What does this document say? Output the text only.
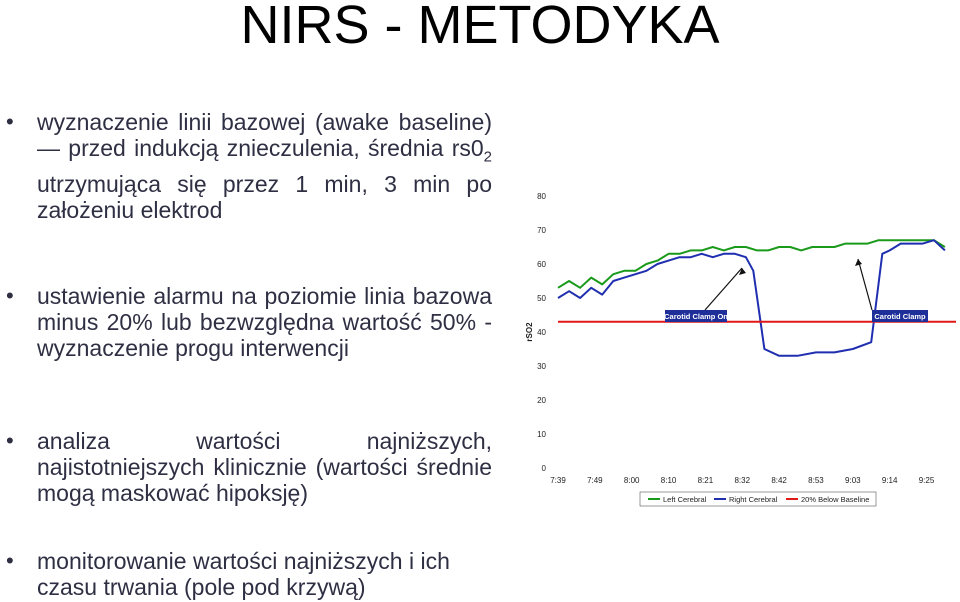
NIRS - METODYKA
• wyznaczenie linii bazowej (awake baseline) — przed indukcją znieczulenia, średnia $rs0_2$ utrzymująca się przez 1 min, 3 min po założeniu elektrod
• ustawienie alarmu na poziomie linia bazowa minus 20% lub bezwzględna wartość 50% - wyznaczenie progu interwencji
• analiza wartości najniższych, najistotniejszych klinicznie (wartości średnie mogą maskować hipoksję)
• monitorowanie wartości najniższych i ich czasu trwania (pole pod krzywą)
0
10
20
30
40
50
60
70
80
rSO2
7:39	7:49	8:00	8:10	8:21	8:32	8:42	8:53	9:03	9:14	9:25
Carotid Clamp On	Carotid Clamp
Left Cerebral	Right Cerebral	20% Below Baseline
